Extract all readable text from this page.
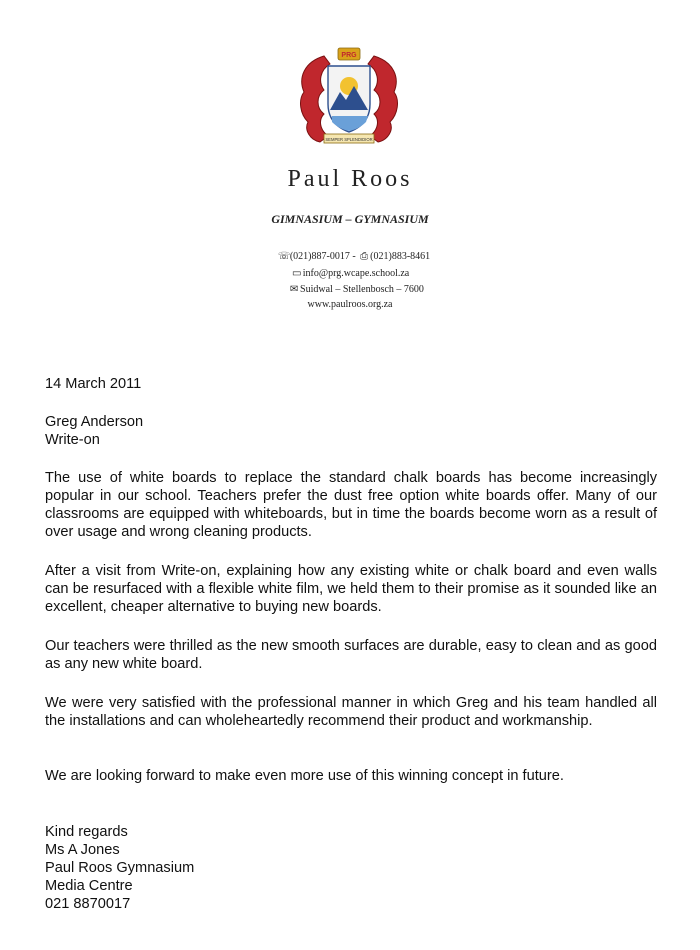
PRG
SEMPER SPLENDIDIOR
Paul Roos
GIMNASIUM – GYMNASIUM
☏(021)887-0017 - ⎙ (021)883-8461
▭info@prg.wcape.school.za
✉ Suidwal – Stellenbosch – 7600
www.paulroos.org.za
14 March 2011
Greg Anderson
Write-on
The use of white boards to replace the standard chalk boards has become increasingly popular in our school. Teachers prefer the dust free option white boards offer. Many of our classrooms are equipped with whiteboards, but in time the boards become worn as a result of over usage and wrong cleaning products.
After a visit from Write-on, explaining how any existing white or chalk board and even walls can be resurfaced with a flexible white film, we held them to their promise as it sounded like an excellent, cheaper alternative to buying new boards.
Our teachers were thrilled as the new smooth surfaces are durable, easy to clean and as good as any new white board.
We were very satisfied with the professional manner in which Greg and his team handled all the installations and can wholeheartedly recommend their product and workmanship.
We are looking forward to make even more use of this winning concept in future.
Kind regards
Ms A Jones
Paul Roos Gymnasium
Media Centre
021 8870017
